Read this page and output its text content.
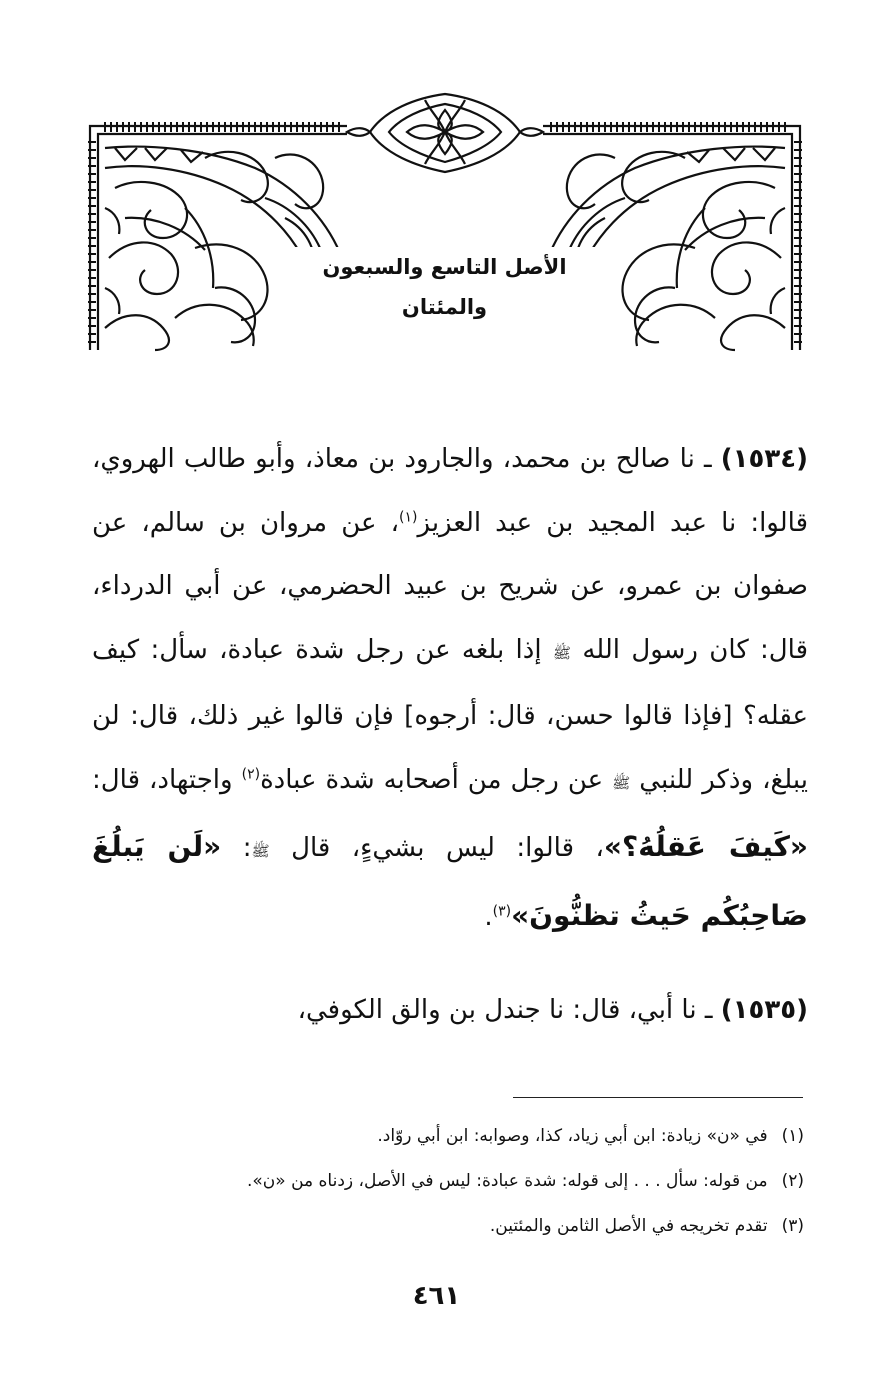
الأصل التاسع والسبعون والمئتان

(١٥٣٤) ـ نا صالح بن محمد، والجارود بن معاذ، وأبو طالب الهروي، قالوا: نا عبد المجيد بن عبد العزيز$^{(١)}$، عن مروان بن سالم، عن صفوان بن عمرو، عن شريح بن عبيد الحضرمي، عن أبي الدرداء، قال: كان رسول الله ﷺ إذا بلغه عن رجل شدة عبادة، سأل: كيف عقله؟ [فإذا قالوا حسن، قال: أرجوه] فإن قالوا غير ذلك، قال: لن يبلغ، وذكر للنبي ﷺ عن رجل من أصحابه شدة عبادة$^{(٢)}$ واجتهاد، قال: «كَيفَ عَقلُهُ؟»، قالوا: ليس بشيءٍ، قال ﷺ: «لَن يَبلُغَ صَاحِبُكُم حَيثُ تظنُّونَ»$^{(٣)}$.

(١٥٣٥) ـ نا أبي، قال: نا جندل بن والق الكوفي،

(١)في «ن» زيادة: ابن أبي زياد، كذا، وصوابه: ابن أبي روّاد.

(٢)من قوله: سأل . . . إلى قوله: شدة عبادة: ليس في الأصل، زدناه من «ن».

(٣)تقدم تخريجه في الأصل الثامن والمئتين.

٤٦١
